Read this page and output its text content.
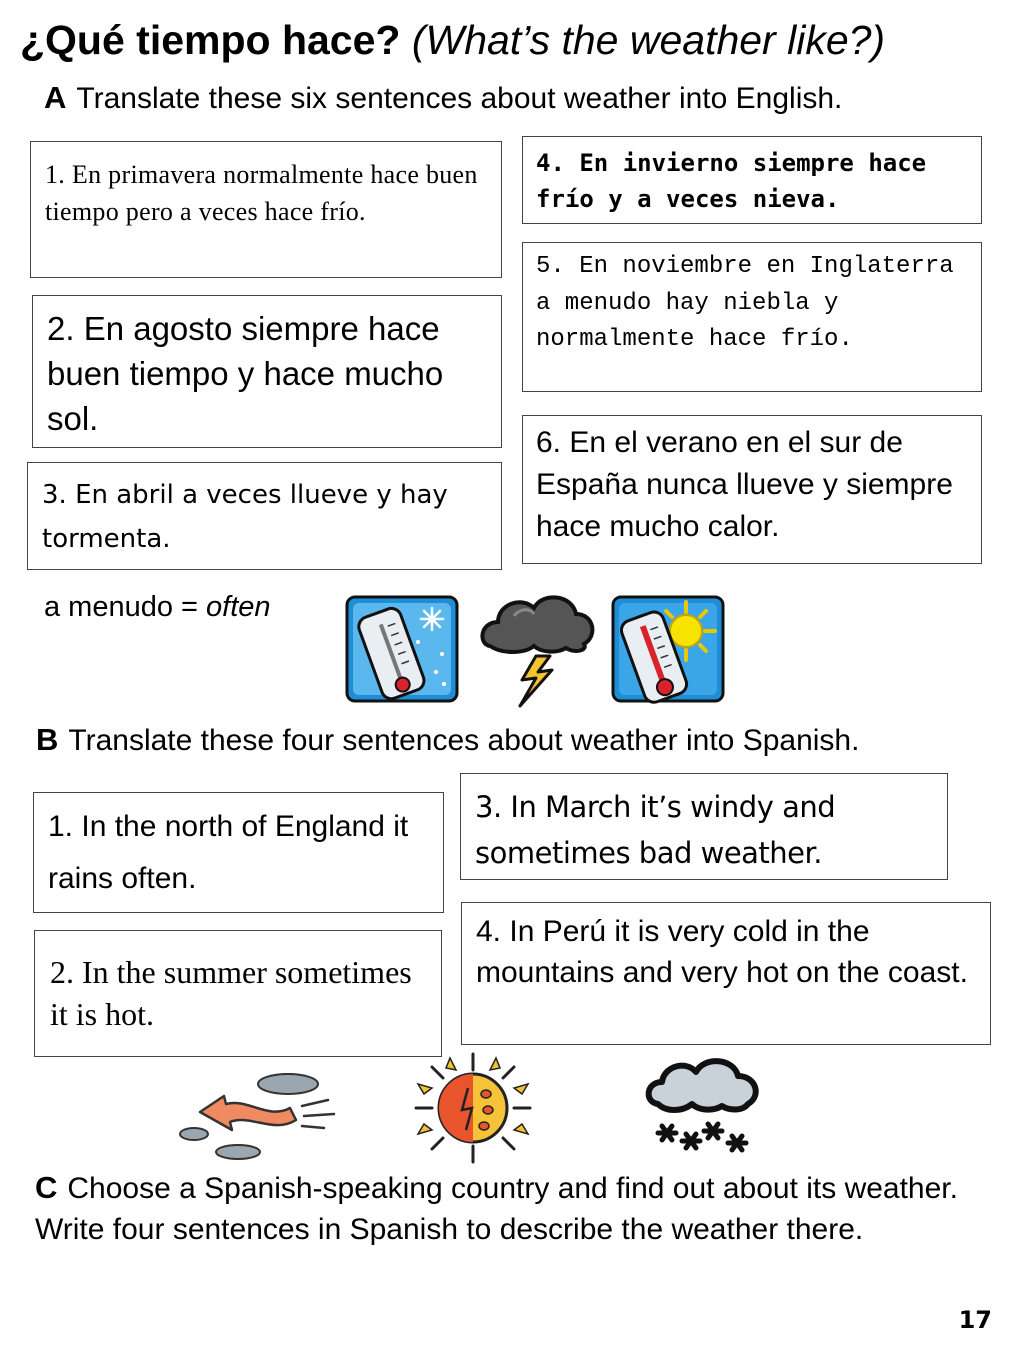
¿Qué tiempo hace? (What’s the weather like?)
A Translate these six sentences about weather into English.
1. En primavera normalmente hace buen tiempo pero a veces hace frío.
2. En agosto siempre hace buen tiempo y hace mucho sol.
3. En abril a veces llueve y hay tormenta.
4. En invierno siempre hace frío y a veces nieva.
5. En noviembre en Inglaterra a menudo hay niebla y normalmente hace frío.
6. En el verano en el sur de España nunca llueve y siempre hace mucho calor.
a menudo = often
B Translate these four sentences about weather into Spanish.
1. In the north of England it rains often.
2. In the summer sometimes it is hot.
3. In March it’s windy and sometimes bad weather.
4. In Perú it is very cold in the mountains and very hot on the coast.
C Choose a Spanish-speaking country and find out about its weather. Write four sentences in Spanish to describe the weather there.
17
